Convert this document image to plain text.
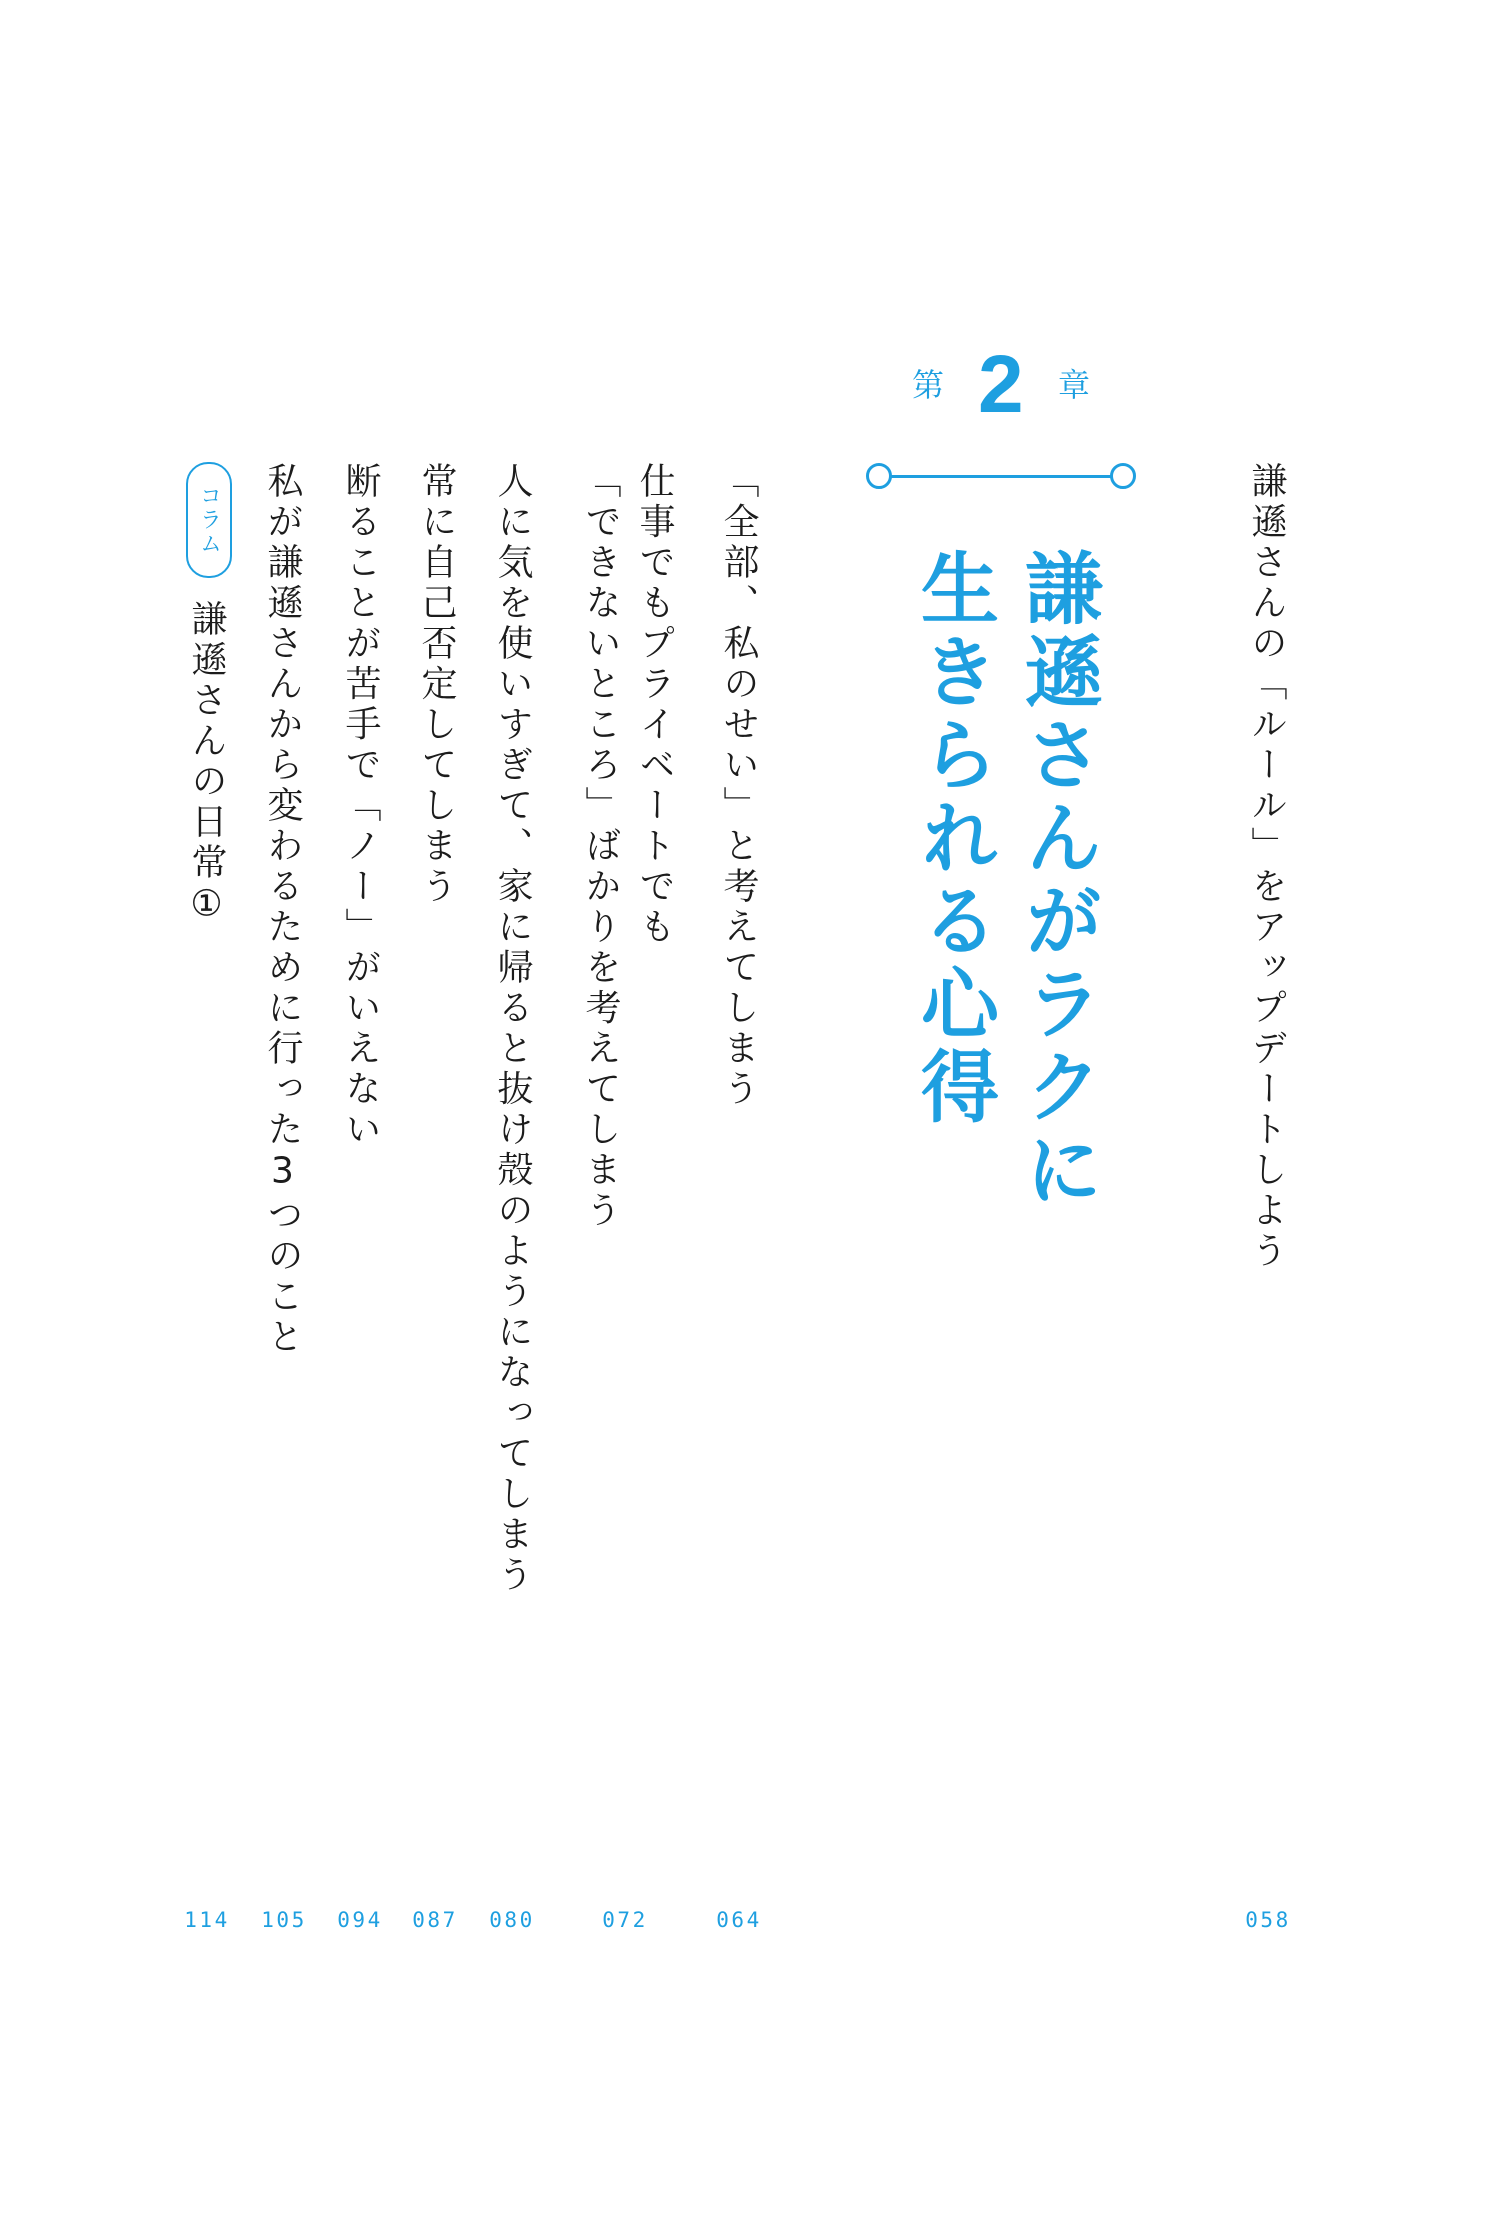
謙遜さんの「ルール」をアップデートしよう
058
第 2 章
謙遜さんがラクに
生きられる心得
「全部、私のせい」と考えてしまう
064
仕事でもプライベートでも
「できないところ」ばかりを考えてしまう
072
人に気を使いすぎて、家に帰ると抜け殻のようになってしまう
080
常に自己否定してしまう
087
断ることが苦手で「ノー」がいえない
094
私が謙遜さんから変わるために行った3つのこと
105
コラム
謙遜さんの日常①
114
